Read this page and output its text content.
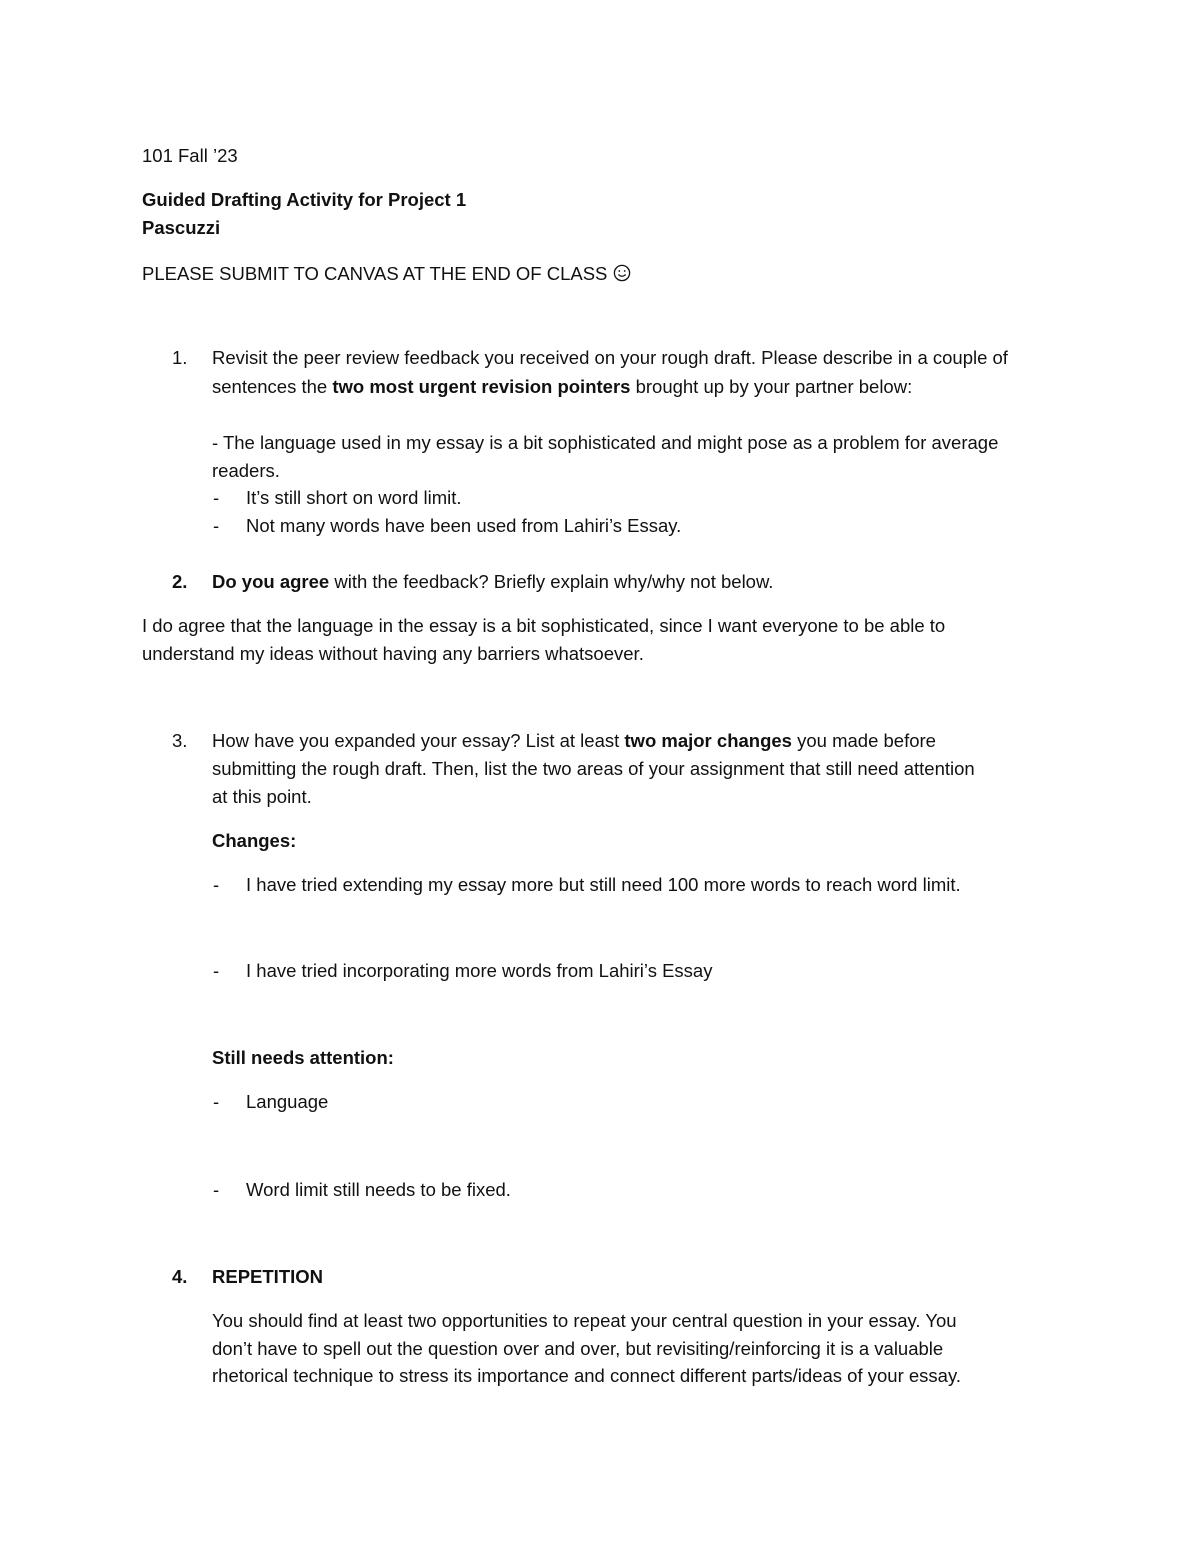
101 Fall ’23
Guided Drafting Activity for Project 1
Pascuzzi
PLEASE SUBMIT TO CANVAS AT THE END OF CLASS
1. Revisit the peer review feedback you received on your rough draft. Please describe in a couple of
sentences the two most urgent revision pointers brought up by your partner below:
- The language used in my essay is a bit sophisticated and might pose as a problem for average
readers.
- It’s still short on word limit.
- Not many words have been used from Lahiri’s Essay.
2. Do you agree with the feedback? Briefly explain why/why not below.
I do agree that the language in the essay is a bit sophisticated, since I want everyone to be able to
understand my ideas without having any barriers whatsoever.
3. How have you expanded your essay? List at least two major changes you made before
submitting the rough draft. Then, list the two areas of your assignment that still need attention
at this point.
Changes:
- I have tried extending my essay more but still need 100 more words to reach word limit.
- I have tried incorporating more words from Lahiri’s Essay
Still needs attention:
- Language
- Word limit still needs to be fixed.
4. REPETITION
You should find at least two opportunities to repeat your central question in your essay. You
don’t have to spell out the question over and over, but revisiting/reinforcing it is a valuable
rhetorical technique to stress its importance and connect different parts/ideas of your essay.
